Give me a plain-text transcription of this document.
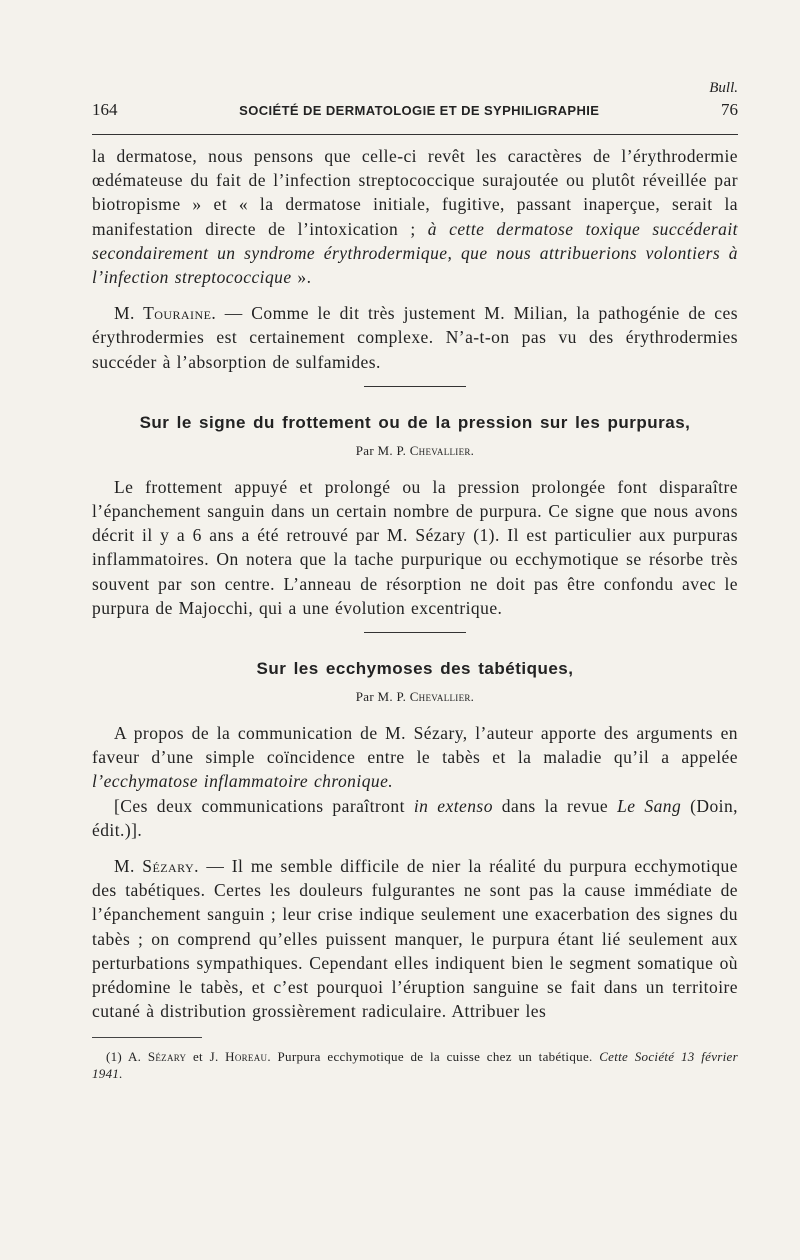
Bull.
164	SOCIÉTÉ DE DERMATOLOGIE ET DE SYPHILIGRAPHIE	76

la dermatose, nous pensons que celle-ci revêt les caractères de l’érythrodermie œdémateuse du fait de l’infection streptococcique surajoutée ou plutôt réveillée par biotropisme » et « la dermatose initiale, fugitive, passant inaperçue, serait la manifestation directe de l’intoxication ; à cette dermatose toxique succéderait secondairement un syndrome érythrodermique, que nous attribuerions volontiers à l’infection streptococcique ».

M. Touraine. — Comme le dit très justement M. Milian, la pathogénie de ces érythrodermies est certainement complexe. N’a-t-on pas vu des érythrodermies succéder à l’absorption de sulfamides.

Sur le signe du frottement ou de la pression sur les purpuras,
Par M. P. Chevallier.

Le frottement appuyé et prolongé ou la pression prolongée font disparaître l’épanchement sanguin dans un certain nombre de purpura. Ce signe que nous avons décrit il y a 6 ans a été retrouvé par M. Sézary (1). Il est particulier aux purpuras inflammatoires. On notera que la tache purpurique ou ecchymotique se résorbe très souvent par son centre. L’anneau de résorption ne doit pas être confondu avec le purpura de Majocchi, qui a une évolution excentrique.

Sur les ecchymoses des tabétiques,
Par M. P. Chevallier.

A propos de la communication de M. Sézary, l’auteur apporte des arguments en faveur d’une simple coïncidence entre le tabès et la maladie qu’il a appelée l’ecchymatose inflammatoire chronique.

[Ces deux communications paraîtront in extenso dans la revue Le Sang (Doin, édit.)].

M. Sézary. — Il me semble difficile de nier la réalité du purpura ecchymotique des tabétiques. Certes les douleurs fulgurantes ne sont pas la cause immédiate de l’épanchement sanguin ; leur crise indique seulement une exacerbation des signes du tabès ; on comprend qu’elles puissent manquer, le purpura étant lié seulement aux perturbations sympathiques. Cependant elles indiquent bien le segment somatique où prédomine le tabès, et c’est pourquoi l’éruption sanguine se fait dans un territoire cutané à distribution grossièrement radiculaire. Attribuer les

(1) A. Sézary et J. Horeau. Purpura ecchymotique de la cuisse chez un tabétique. Cette Société 13 février 1941.
